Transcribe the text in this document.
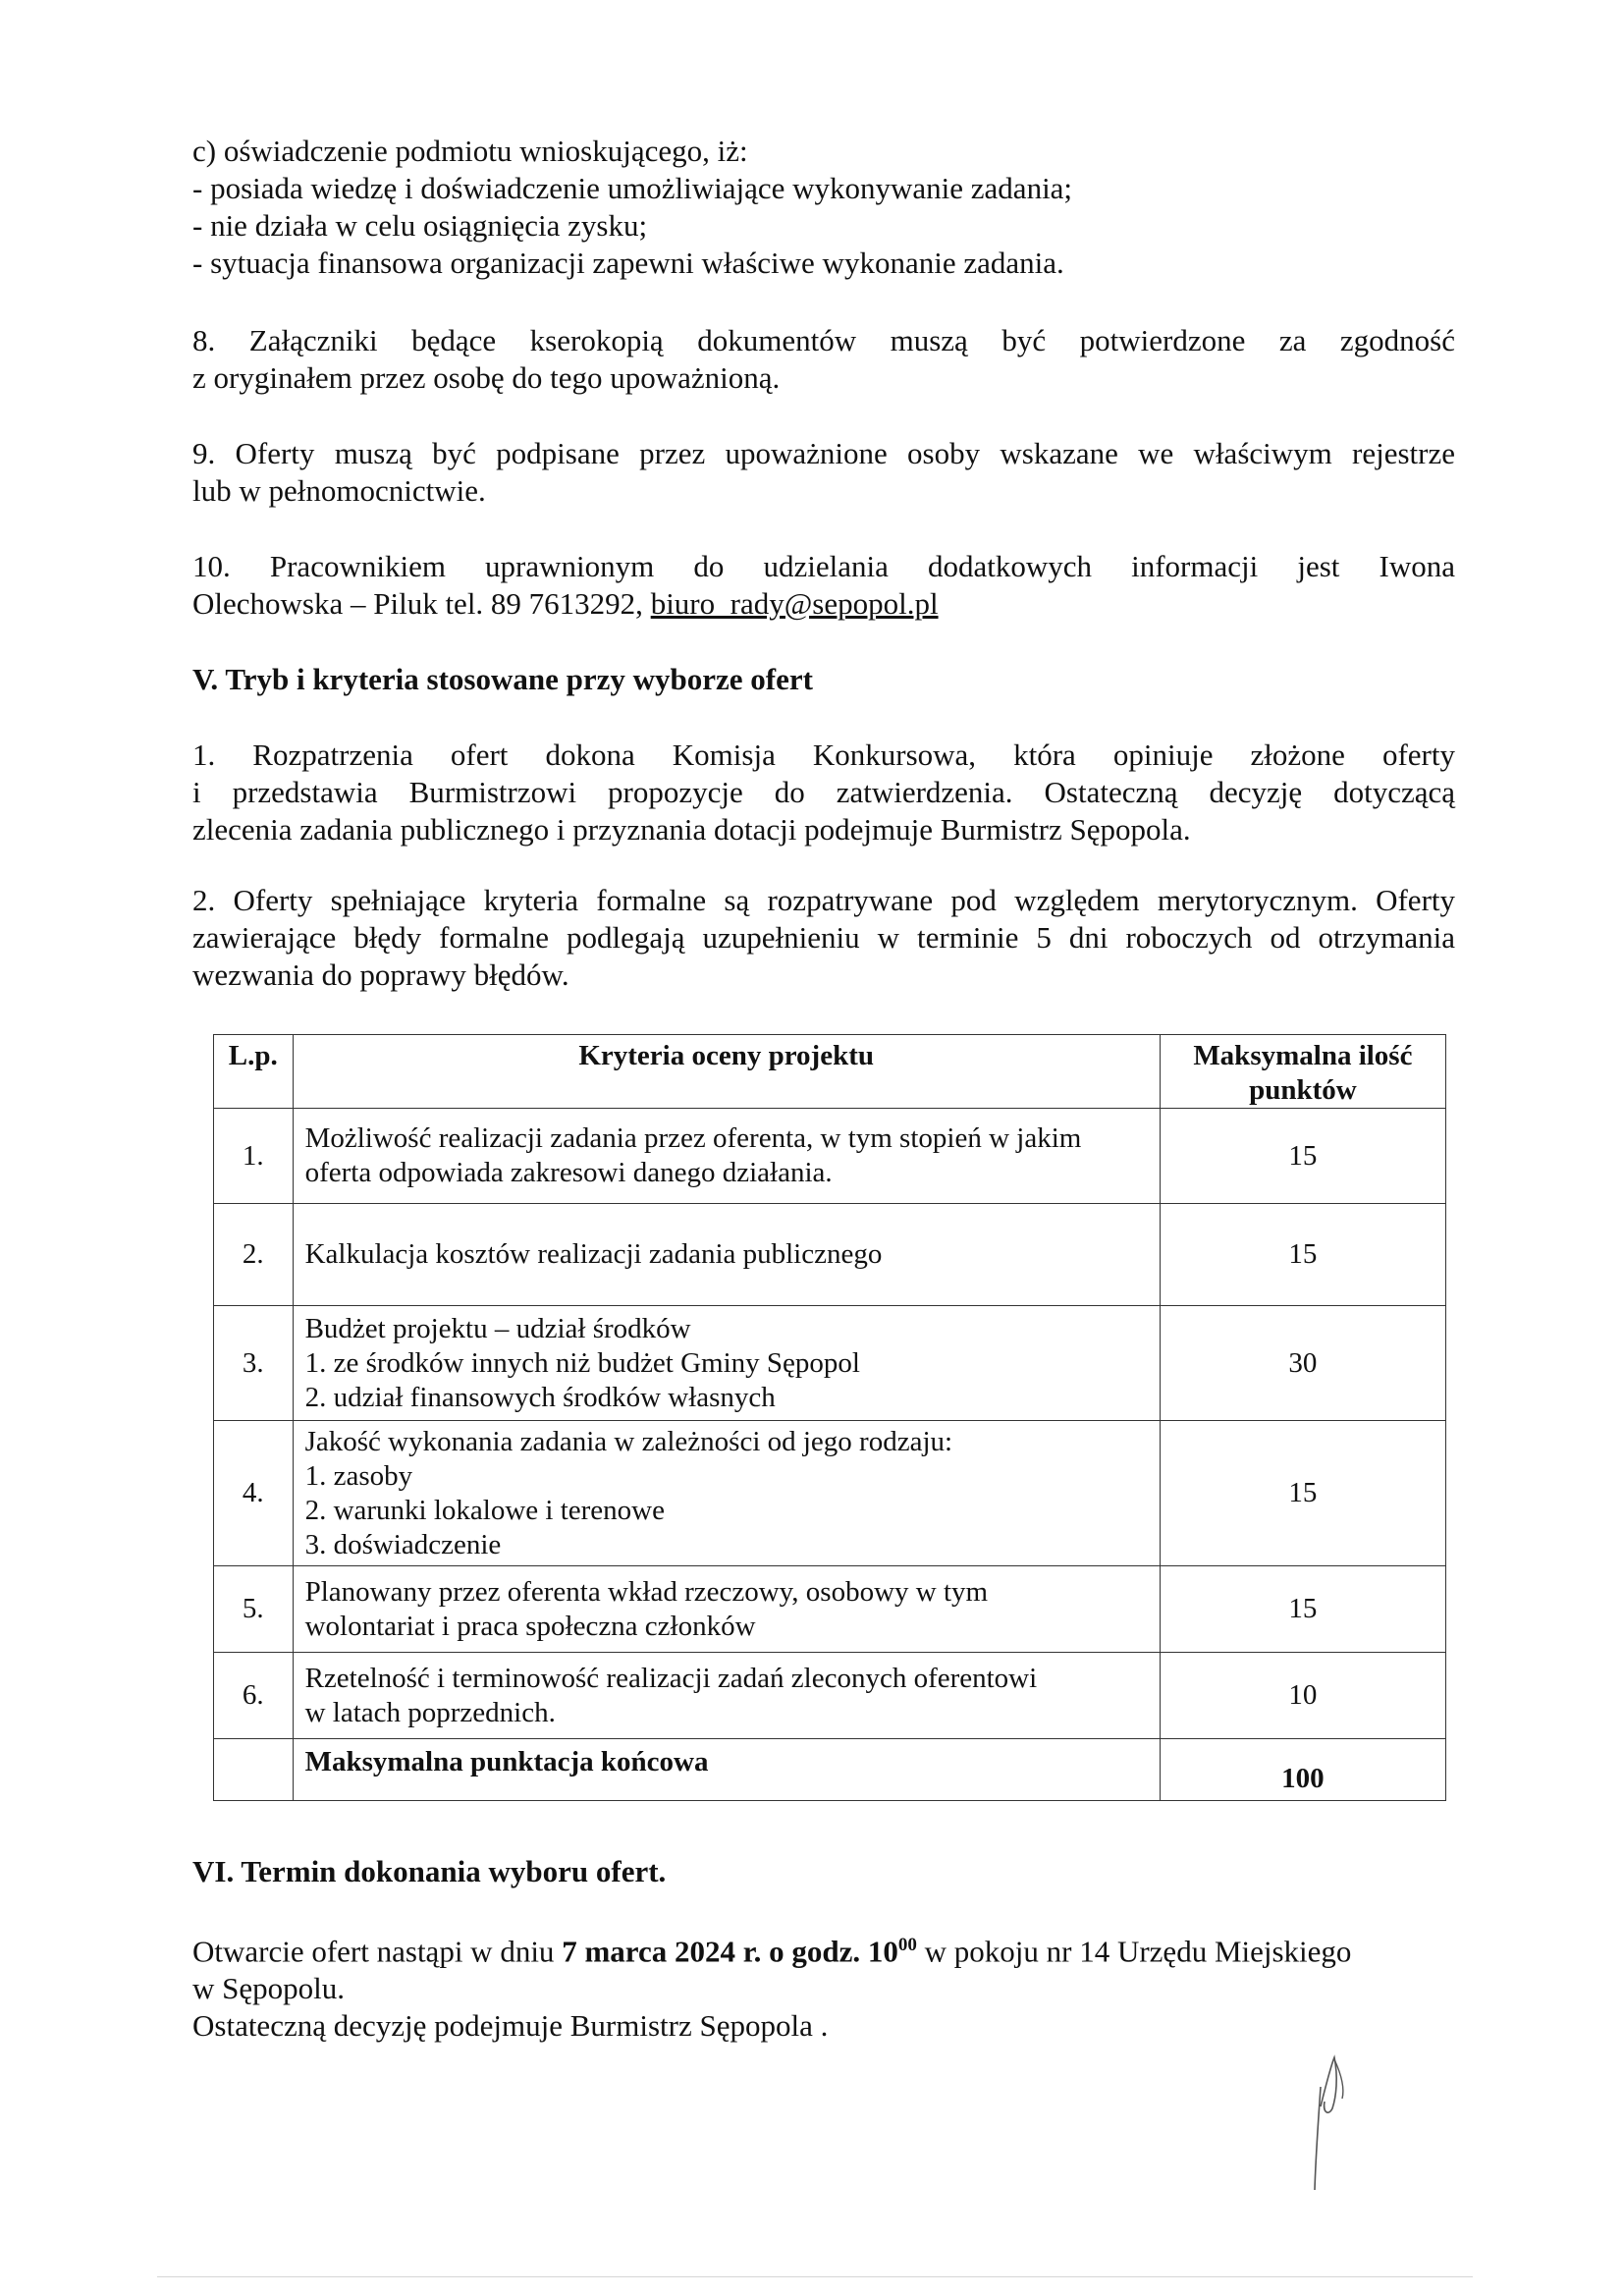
c) oświadczenie podmiotu wnioskującego, iż:
- posiada wiedzę i doświadczenie umożliwiające wykonywanie zadania;
- nie działa w celu osiągnięcia zysku;
- sytuacja finansowa organizacji zapewni właściwe wykonanie zadania.
8. Załączniki będące kserokopią dokumentów muszą być potwierdzone za zgodność
z oryginałem przez osobę do tego upoważnioną.
9. Oferty muszą być podpisane przez upoważnione osoby wskazane we właściwym rejestrze
lub w pełnomocnictwie.
10. Pracownikiem uprawnionym do udzielania dodatkowych informacji jest Iwona
Olechowska – Piluk tel. 89 7613292, biuro_rady@sepopol.pl
V. Tryb i kryteria stosowane przy wyborze ofert
1. Rozpatrzenia ofert dokona Komisja Konkursowa, która opiniuje złożone oferty
i przedstawia Burmistrzowi propozycje do zatwierdzenia. Ostateczną decyzję dotyczącą
zlecenia zadania publicznego i przyznania dotacji podejmuje Burmistrz Sępopola.
2. Oferty spełniające kryteria formalne są rozpatrywane pod względem merytorycznym. Oferty
zawierające błędy formalne podlegają uzupełnieniu w terminie 5 dni roboczych od otrzymania
wezwania do poprawy błędów.
L.p.	Kryteria oceny projektu	Maksymalna ilość
punktów
1.	Możliwość realizacji zadania przez oferenta, w tym stopień w jakim
oferta odpowiada zakresowi danego działania.	15
2.	Kalkulacja kosztów realizacji zadania publicznego	15
3.	Budżet projektu – udział środków
1. ze środków innych niż budżet Gminy Sępopol
2. udział finansowych środków własnych	30
4.	Jakość wykonania zadania w zależności od jego rodzaju:
1. zasoby
2. warunki lokalowe i terenowe
3. doświadczenie	15
5.	Planowany przez oferenta wkład rzeczowy, osobowy w tym
wolontariat i praca społeczna członków	15
6.	Rzetelność i terminowość realizacji zadań zleconych oferentowi
w latach poprzednich.	10
	Maksymalna punktacja końcowa	100
VI. Termin dokonania wyboru ofert.
Otwarcie ofert nastąpi w dniu 7 marca 2024 r. o godz. $10^{00}$ w pokoju nr 14 Urzędu Miejskiego
w Sępopolu.
Ostateczną decyzję podejmuje Burmistrz Sępopola .
